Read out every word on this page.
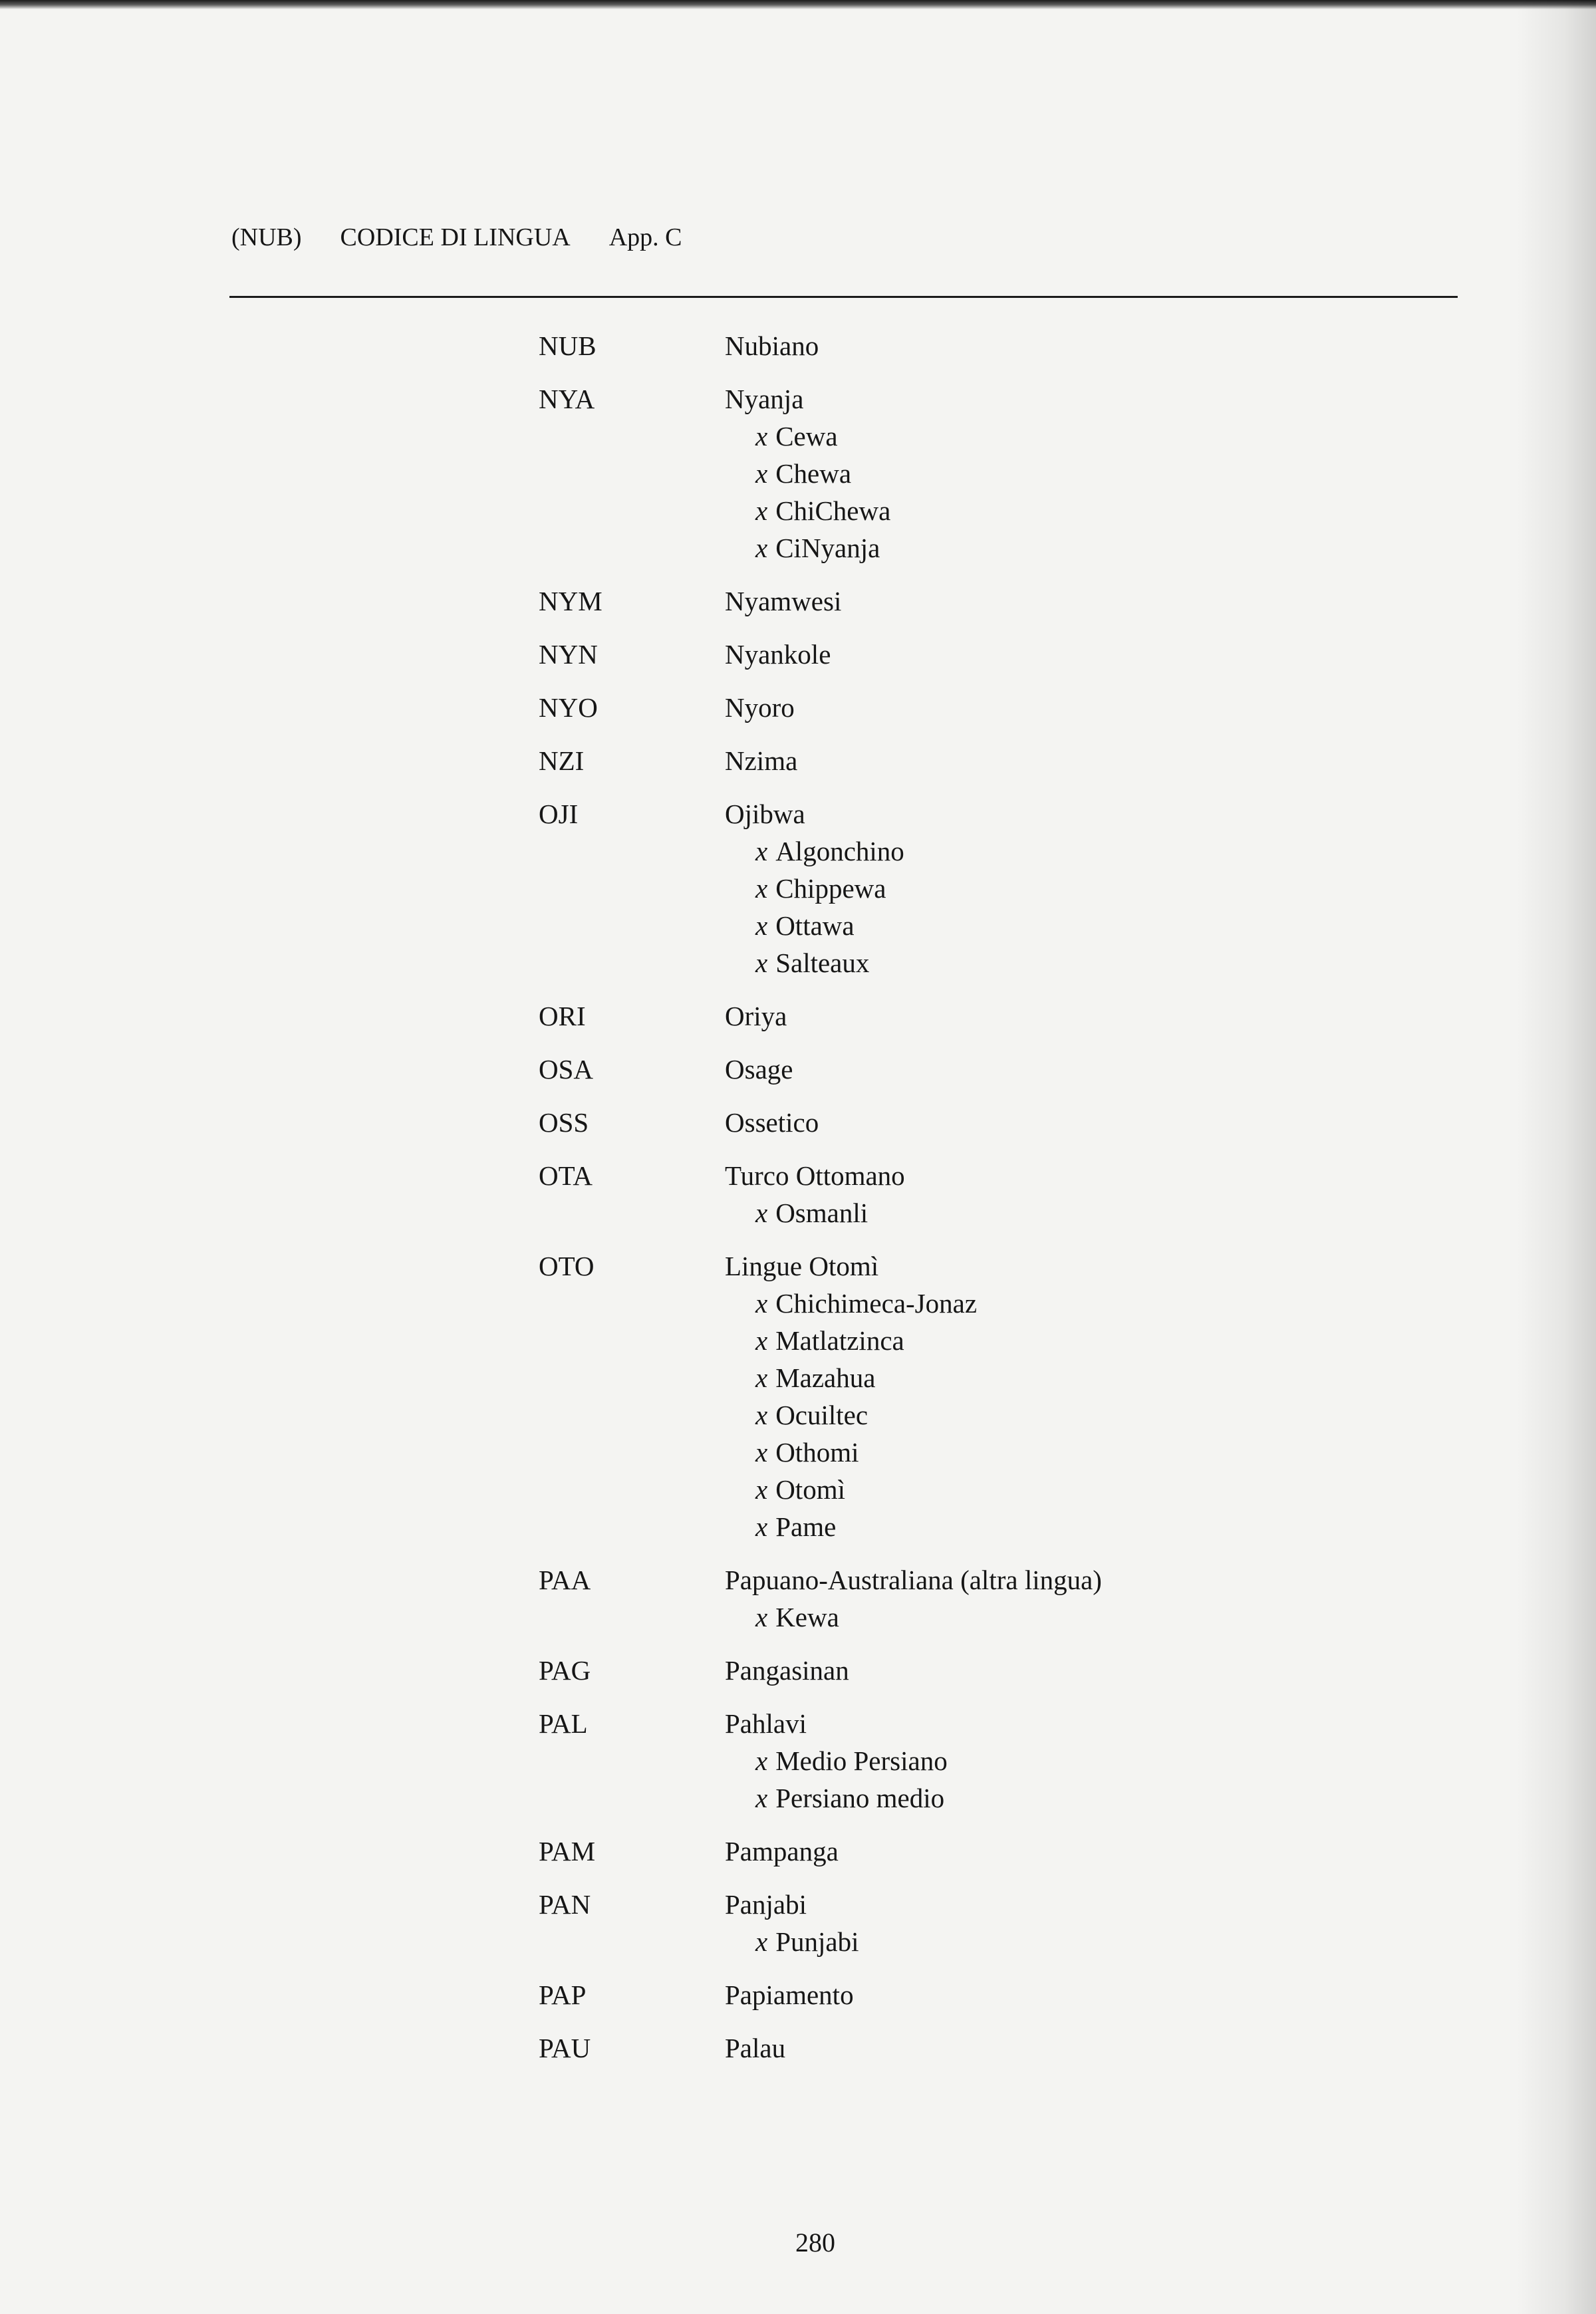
(NUB) CODICE DI LINGUA App. C
NUB	Nubiano
NYA	Nyanja
x Cewa
x Chewa
x ChiChewa
x CiNyanja
NYM	Nyamwesi
NYN	Nyankole
NYO	Nyoro
NZI	Nzima
OJI	Ojibwa
x Algonchino
x Chippewa
x Ottawa
x Salteaux
ORI	Oriya
OSA	Osage
OSS	Ossetico
OTA	Turco Ottomano
x Osmanli
OTO	Lingue Otomì
x Chichimeca-Jonaz
x Matlatzinca
x Mazahua
x Ocuiltec
x Othomi
x Otomì
x Pame
PAA	Papuano-Australiana (altra lingua)
x Kewa
PAG	Pangasinan
PAL	Pahlavi
x Medio Persiano
x Persiano medio
PAM	Pampanga
PAN	Panjabi
x Punjabi
PAP	Papiamento
PAU	Palau
280
